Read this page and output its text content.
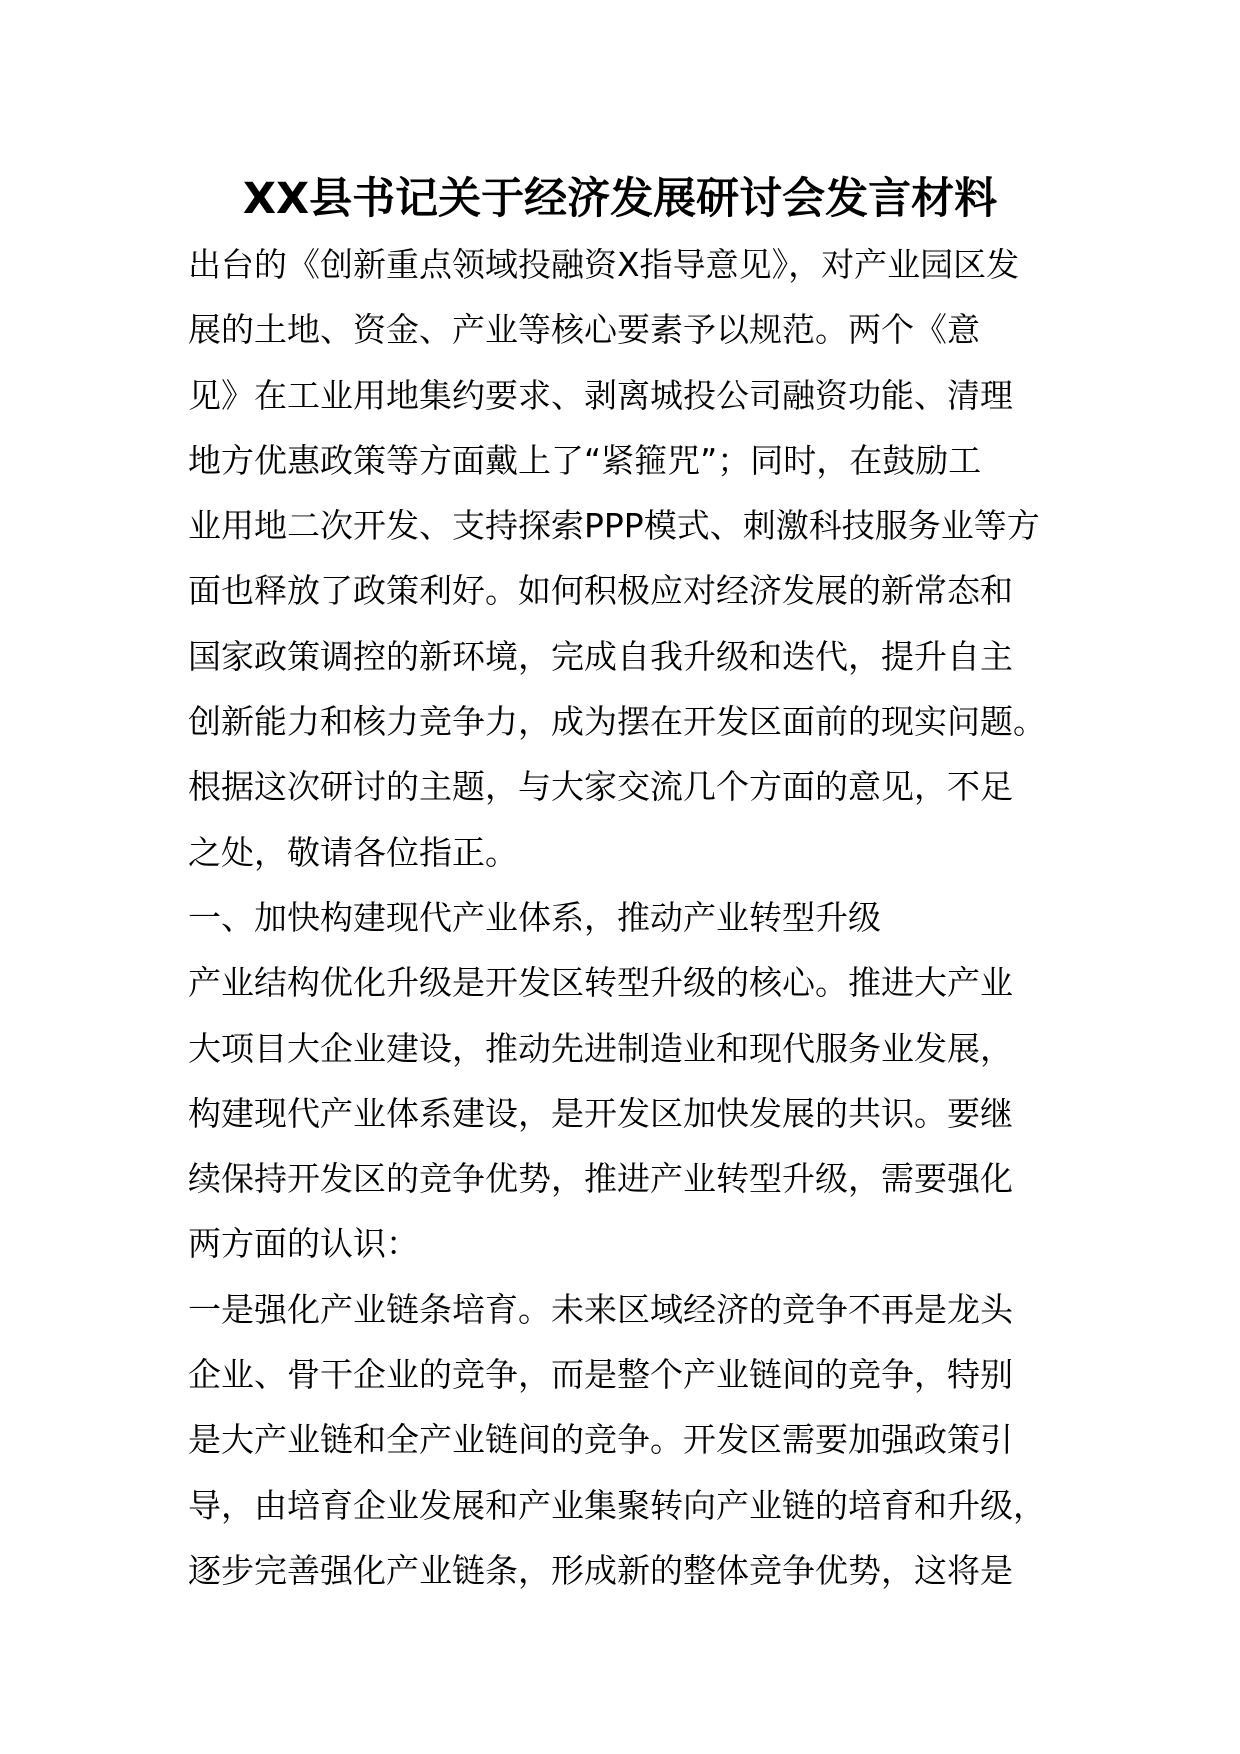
XX县书记关于经济发展研讨会发言材料

出台的《创新重点领域投融资X指导意见》，对产业园区发

展的土地、资金、产业等核心要素予以规范。两个《意

见》在工业用地集约要求、剥离城投公司融资功能、清理

地方优惠政策等方面戴上了“紧箍咒”；同时，在鼓励工

业用地二次开发、支持探索PPP模式、刺激科技服务业等方

面也释放了政策利好。如何积极应对经济发展的新常态和

国家政策调控的新环境，完成自我升级和迭代，提升自主

创新能力和核力竞争力，成为摆在开发区面前的现实问题。

根据这次研讨的主题，与大家交流几个方面的意见，不足

之处，敬请各位指正。

一、加快构建现代产业体系，推动产业转型升级

产业结构优化升级是开发区转型升级的核心。推进大产业

大项目大企业建设，推动先进制造业和现代服务业发展，

构建现代产业体系建设，是开发区加快发展的共识。要继

续保持开发区的竞争优势，推进产业转型升级，需要强化

两方面的认识：

一是强化产业链条培育。未来区域经济的竞争不再是龙头

企业、骨干企业的竞争，而是整个产业链间的竞争，特别

是大产业链和全产业链间的竞争。开发区需要加强政策引

导，由培育企业发展和产业集聚转向产业链的培育和升级，

逐步完善强化产业链条，形成新的整体竞争优势，这将是
